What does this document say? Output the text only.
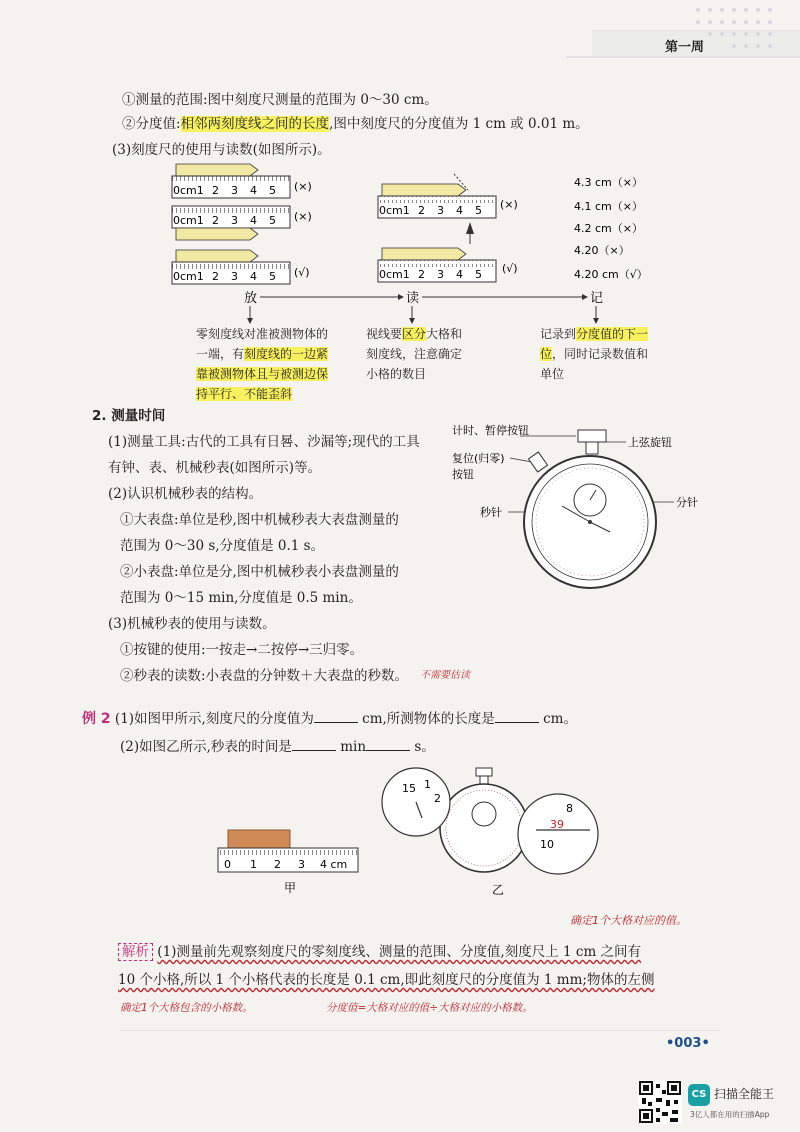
第一周
①测量的范围:图中刻度尺测量的范围为 0～30 cm。
②分度值:相邻两刻度线之间的长度,图中刻度尺的分度值为 1 cm 或 0.01 m。
(3)刻度尺的使用与读数(如图所示)。
0cm1 2 3 4 5 (×)
0cm1 2 3 4 5 (×)
0cm1 2 3 4 5 (√)
0cm1 2 3 4 5 (×)
0cm1 2 3 4 5 (√)
4.3 cm（×）
4.1 cm（×）
4.2 cm（×）
4.20（×）
4.20 cm（√）
放	读	记
零刻度线对准被测物体的
一端，有刻度线的一边紧
靠被测物体且与被测边保
持平行、不能歪斜
视线要区分大格和
刻度线，注意确定
小格的数目
记录到分度值的下一
位，同时记录数值和
单位
2. 测量时间
(1)测量工具:古代的工具有日晷、沙漏等;现代的工具
有钟、表、机械秒表(如图所示)等。
(2)认识机械秒表的结构。
①大表盘:单位是秒,图中机械秒表大表盘测量的
范围为 0～30 s,分度值是 0.1 s。
②小表盘:单位是分,图中机械秒表小表盘测量的
范围为 0～15 min,分度值是 0.5 min。
(3)机械秒表的使用与读数。
①按键的使用:一按走→二按停→三归零。
②秒表的读数:小表盘的分钟数＋大表盘的秒数。 不需要估读
计时、暂停按钮
上弦旋钮
复位(归零)
按钮
秒针
分针
例 2 (1)如图甲所示,刻度尺的分度值为	cm,所测物体的长度是	cm。
(2)如图乙所示,秒表的时间是	min	s。
0 1 2 3 4 cm
甲
15 1
2
8
39
10
乙
确定1个大格对应的值。
解析 (1)测量前先观察刻度尺的零刻度线、测量的范围、分度值,刻度尺上 1 cm 之间有
10 个小格,所以 1 个小格代表的长度是 0.1 cm,即此刻度尺的分度值为 1 mm;物体的左侧
确定1个大格包含的小格数。	分度值=大格对应的值÷大格对应的小格数。
•003•
CS 扫描全能王
3亿人都在用的扫描App
